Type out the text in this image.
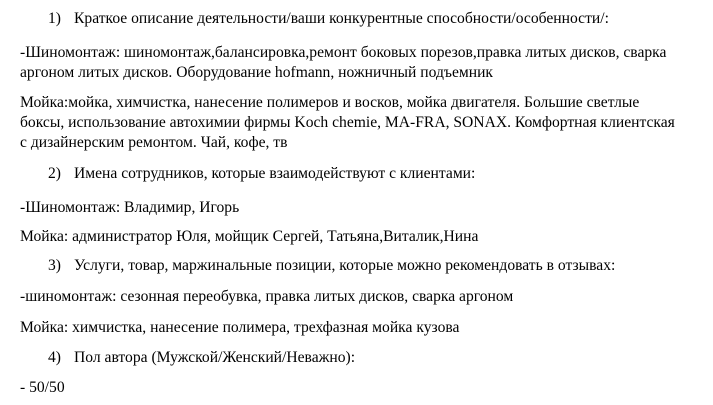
1) Краткое описание деятельности/ваши конкурентные способности/особенности/:
-Шиномонтаж: шиномонтаж,балансировка,ремонт боковых порезов,правка литых дисков, сварка
аргоном литых дисков. Оборудование hofmann, ножничный подъемник
Мойка:мойка, химчистка, нанесение полимеров и восков, мойка двигателя. Большие светлые
боксы, использование автохимии фирмы Koch chemie, MA-FRA, SONAX. Комфортная клиентская
с дизайнерским ремонтом. Чай, кофе, тв
2) Имена сотрудников, которые взаимодействуют с клиентами:
-Шиномонтаж: Владимир, Игорь
Мойка: администратор Юля, мойщик Сергей, Татьяна,Виталик,Нина
3) Услуги, товар, маржинальные позиции, которые можно рекомендовать в отзывах:
-шиномонтаж: сезонная переобувка, правка литых дисков, сварка аргоном
Мойка: химчистка, нанесение полимера, трехфазная мойка кузова
4) Пол автора (Мужской/Женский/Неважно):
- 50/50
